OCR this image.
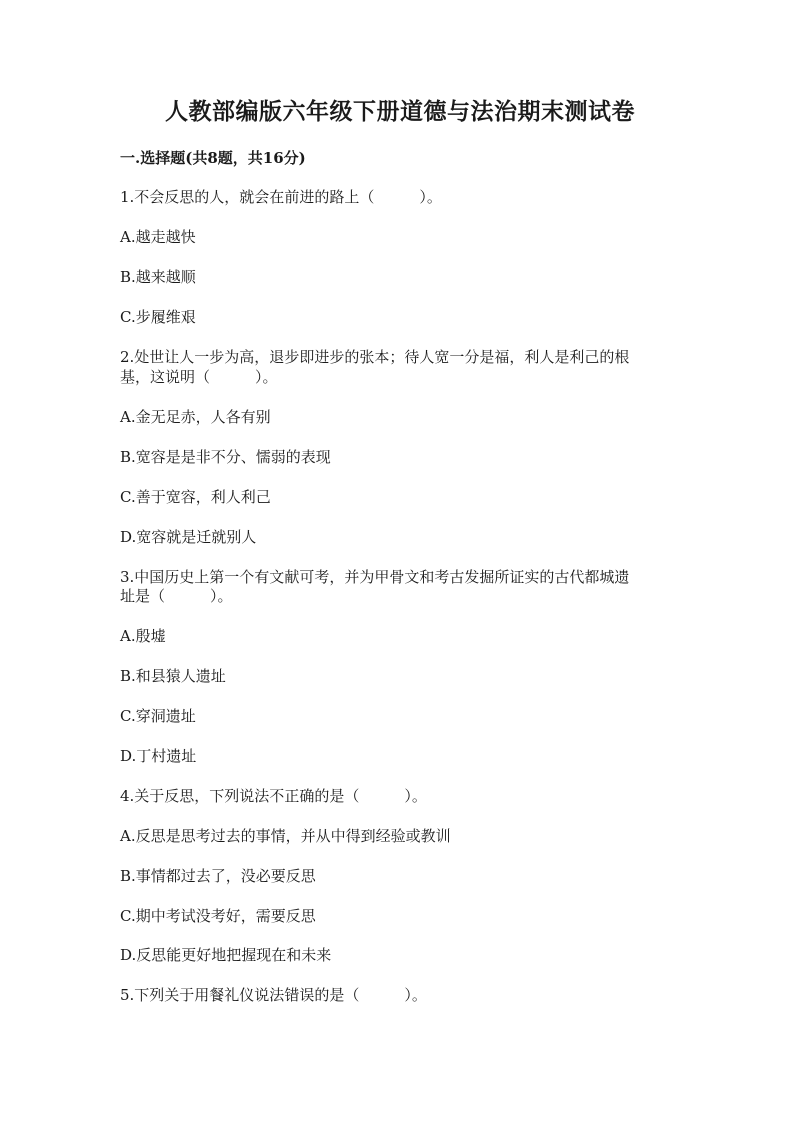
人教部编版六年级下册道德与法治期末测试卷
一.选择题(共8题，共16分)
1.不会反思的人，就会在前进的路上（　　　）。
A.越走越快
B.越来越顺
C.步履维艰
2.处世让人一步为高，退步即进步的张本；待人宽一分是福，利人是利己的根
基，这说明（　　　）。
A.金无足赤，人各有别
B.宽容是是非不分、懦弱的表现
C.善于宽容，利人利己
D.宽容就是迁就别人
3.中国历史上第一个有文献可考，并为甲骨文和考古发掘所证实的古代都城遗
址是（　　　）。
A.殷墟
B.和县猿人遗址
C.穿洞遗址
D.丁村遗址
4.关于反思，下列说法不正确的是（　　　）。
A.反思是思考过去的事情，并从中得到经验或教训
B.事情都过去了，没必要反思
C.期中考试没考好，需要反思
D.反思能更好地把握现在和未来
5.下列关于用餐礼仪说法错误的是（　　　）。
